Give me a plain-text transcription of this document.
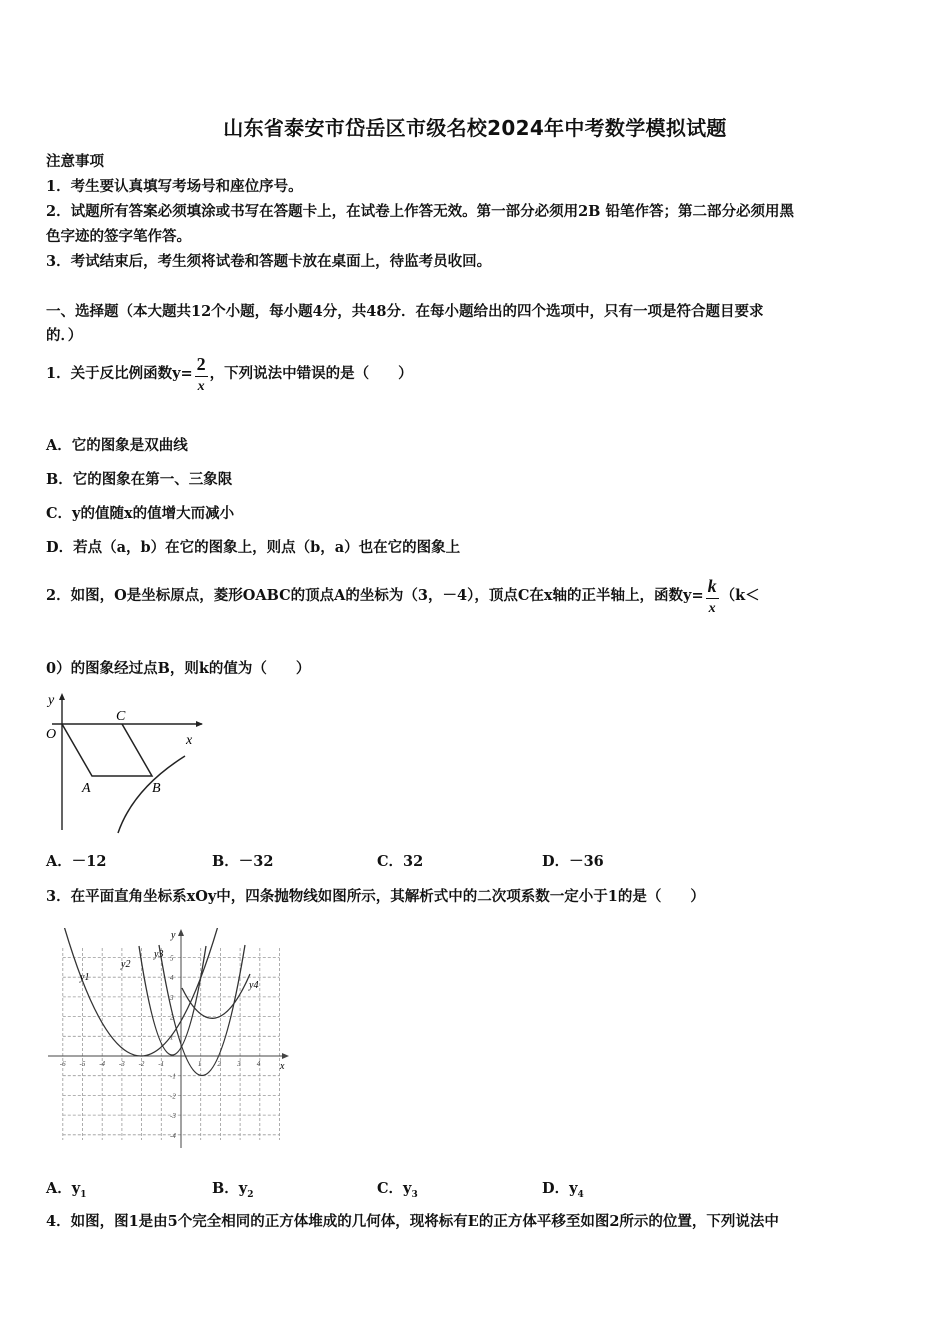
山东省泰安市岱岳区市级名校2024年中考数学模拟试题
注意事项
1．考生要认真填写考场号和座位序号。
2．试题所有答案必须填涂或书写在答题卡上，在试卷上作答无效。第一部分必须用2B 铅笔作答；第二部分必须用黑
色字迹的签字笔作答。
3．考试结束后，考生须将试卷和答题卡放在桌面上，待监考员收回。
一、选择题（本大题共12个小题，每小题4分，共48分．在每小题给出的四个选项中，只有一项是符合题目要求
的．）
1．关于反比例函数$y= \frac{2}{x}$ ，下列说法中错误的是（　　）
A．它的图象是双曲线
B．它的图象在第一、三象限
C．y的值随x的值增大而减小
D．若点（a，b）在它的图象上，则点（b，a）也在它的图象上
2．如图，O是坐标原点，菱形OABC的顶点A的坐标为（3，－4），顶点C在x轴的正半轴上，函数$y= \frac{k}{x} (k<$
0）的图象经过点B，则k的值为（　　）
y
x
O
C
A	B
A．－12	B．－32	C．32	D．－36
3．在平面直角坐标系xOy中，四条抛物线如图所示，其解析式中的二次项系数一定小于1的是（　　）
x
y
-6 -5 -4 -3 -2 -1	1 2 3 4
5
4
3
2
1
-1
-2
-3
-4
y1
y2
y3
y4
A．$y_1$	B．$y_2$	C．$y_3$	D．$y_4$
4．如图，图1是由5个完全相同的正方体堆成的几何体，现将标有E的正方体平移至如图2所示的位置，下列说法中
